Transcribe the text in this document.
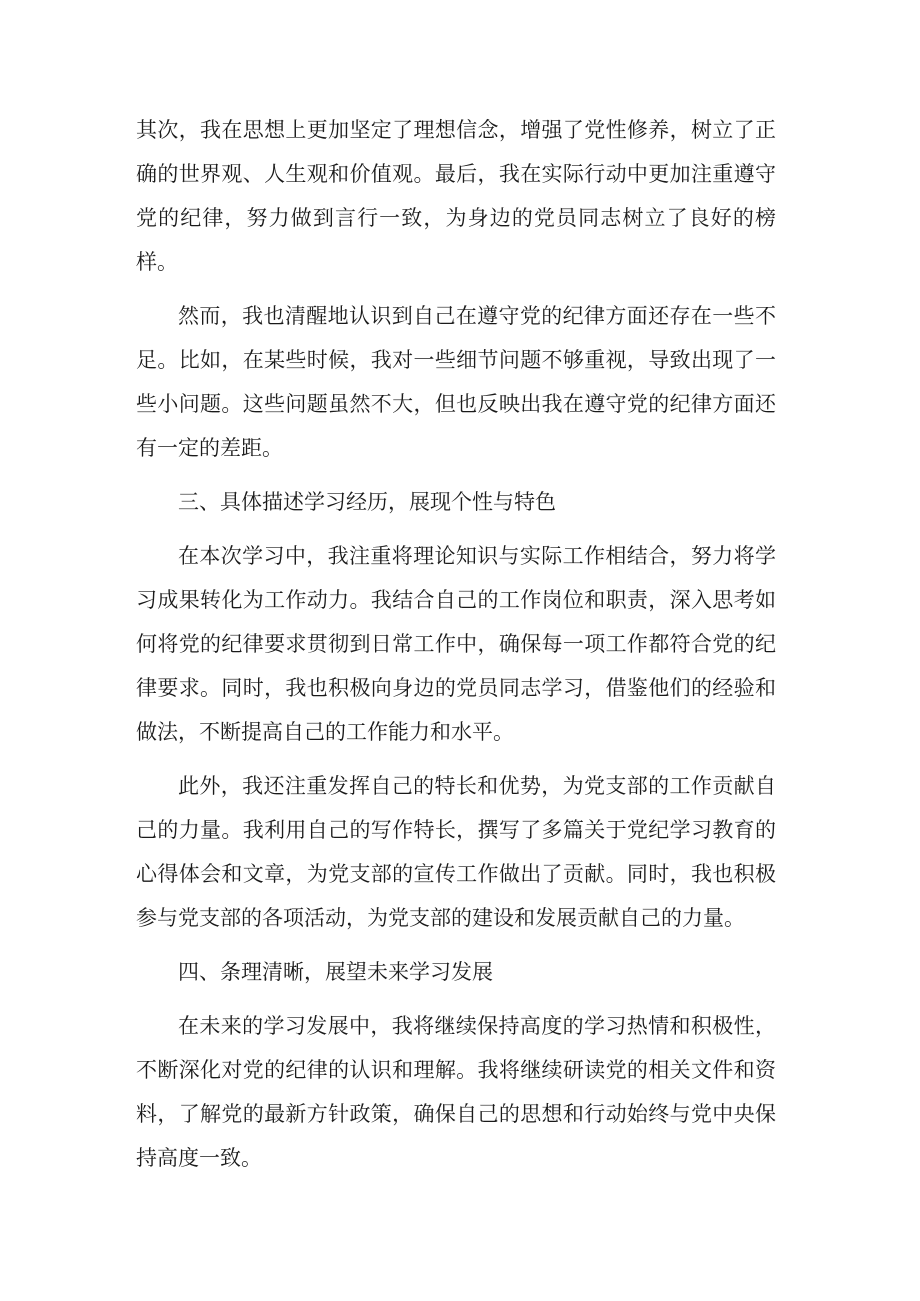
其次，我在思想上更加坚定了理想信念，增强了党性修养，树立了正确的世界观、人生观和价值观。最后，我在实际行动中更加注重遵守党的纪律，努力做到言行一致，为身边的党员同志树立了良好的榜样。

然而，我也清醒地认识到自己在遵守党的纪律方面还存在一些不足。比如，在某些时候，我对一些细节问题不够重视，导致出现了一些小问题。这些问题虽然不大，但也反映出我在遵守党的纪律方面还有一定的差距。

三、具体描述学习经历，展现个性与特色

在本次学习中，我注重将理论知识与实际工作相结合，努力将学习成果转化为工作动力。我结合自己的工作岗位和职责，深入思考如何将党的纪律要求贯彻到日常工作中，确保每一项工作都符合党的纪律要求。同时，我也积极向身边的党员同志学习，借鉴他们的经验和做法，不断提高自己的工作能力和水平。

此外，我还注重发挥自己的特长和优势，为党支部的工作贡献自己的力量。我利用自己的写作特长，撰写了多篇关于党纪学习教育的心得体会和文章，为党支部的宣传工作做出了贡献。同时，我也积极参与党支部的各项活动，为党支部的建设和发展贡献自己的力量。

四、条理清晰，展望未来学习发展

在未来的学习发展中，我将继续保持高度的学习热情和积极性，不断深化对党的纪律的认识和理解。我将继续研读党的相关文件和资料，了解党的最新方针政策，确保自己的思想和行动始终与党中央保持高度一致。
